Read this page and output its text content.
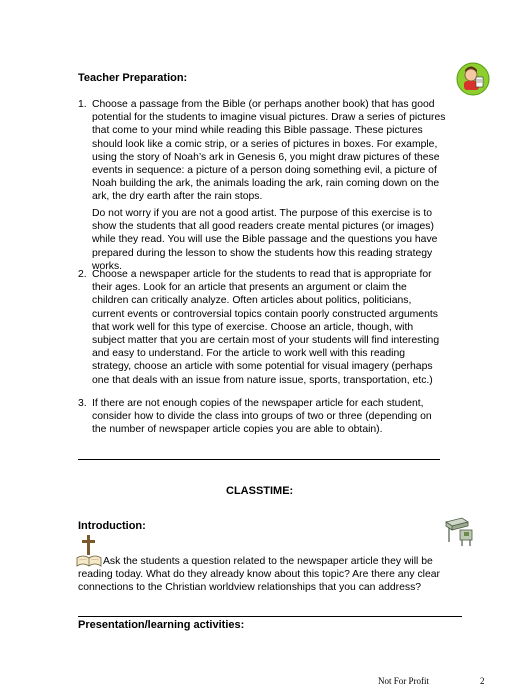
Teacher Preparation:
1. Choose a passage from the Bible (or perhaps another book) that has good potential for the students to imagine visual pictures. Draw a series of pictures that come to your mind while reading this Bible passage. These pictures should look like a comic strip, or a series of pictures in boxes. For example, using the story of Noah’s ark in Genesis 6, you might draw pictures of these events in sequence: a picture of a person doing something evil, a picture of Noah building the ark, the animals loading the ark, rain coming down on the ark, the dry earth after the rain stops.
Do not worry if you are not a good artist. The purpose of this exercise is to show the students that all good readers create mental pictures (or images) while they read. You will use the Bible passage and the questions you have prepared during the lesson to show the students how this reading strategy works.
2. Choose a newspaper article for the students to read that is appropriate for their ages. Look for an article that presents an argument or claim the children can critically analyze. Often articles about politics, politicians, current events or controversial topics contain poorly constructed arguments that work well for this type of exercise. Choose an article, though, with subject matter that you are certain most of your students will find interesting and easy to understand. For the article to work well with this reading strategy, choose an article with some potential for visual imagery (perhaps one that deals with an issue from nature issue, sports, transportation, etc.)
3. If there are not enough copies of the newspaper article for each student, consider how to divide the class into groups of two or three (depending on the number of newspaper article copies you are able to obtain).
CLASSTIME:
Introduction:
Ask the students a question related to the newspaper article they will be reading today. What do they already know about this topic? Are there any clear connections to the Christian worldview relationships that you can address?
Presentation/learning activities:
Not For Profit	2
